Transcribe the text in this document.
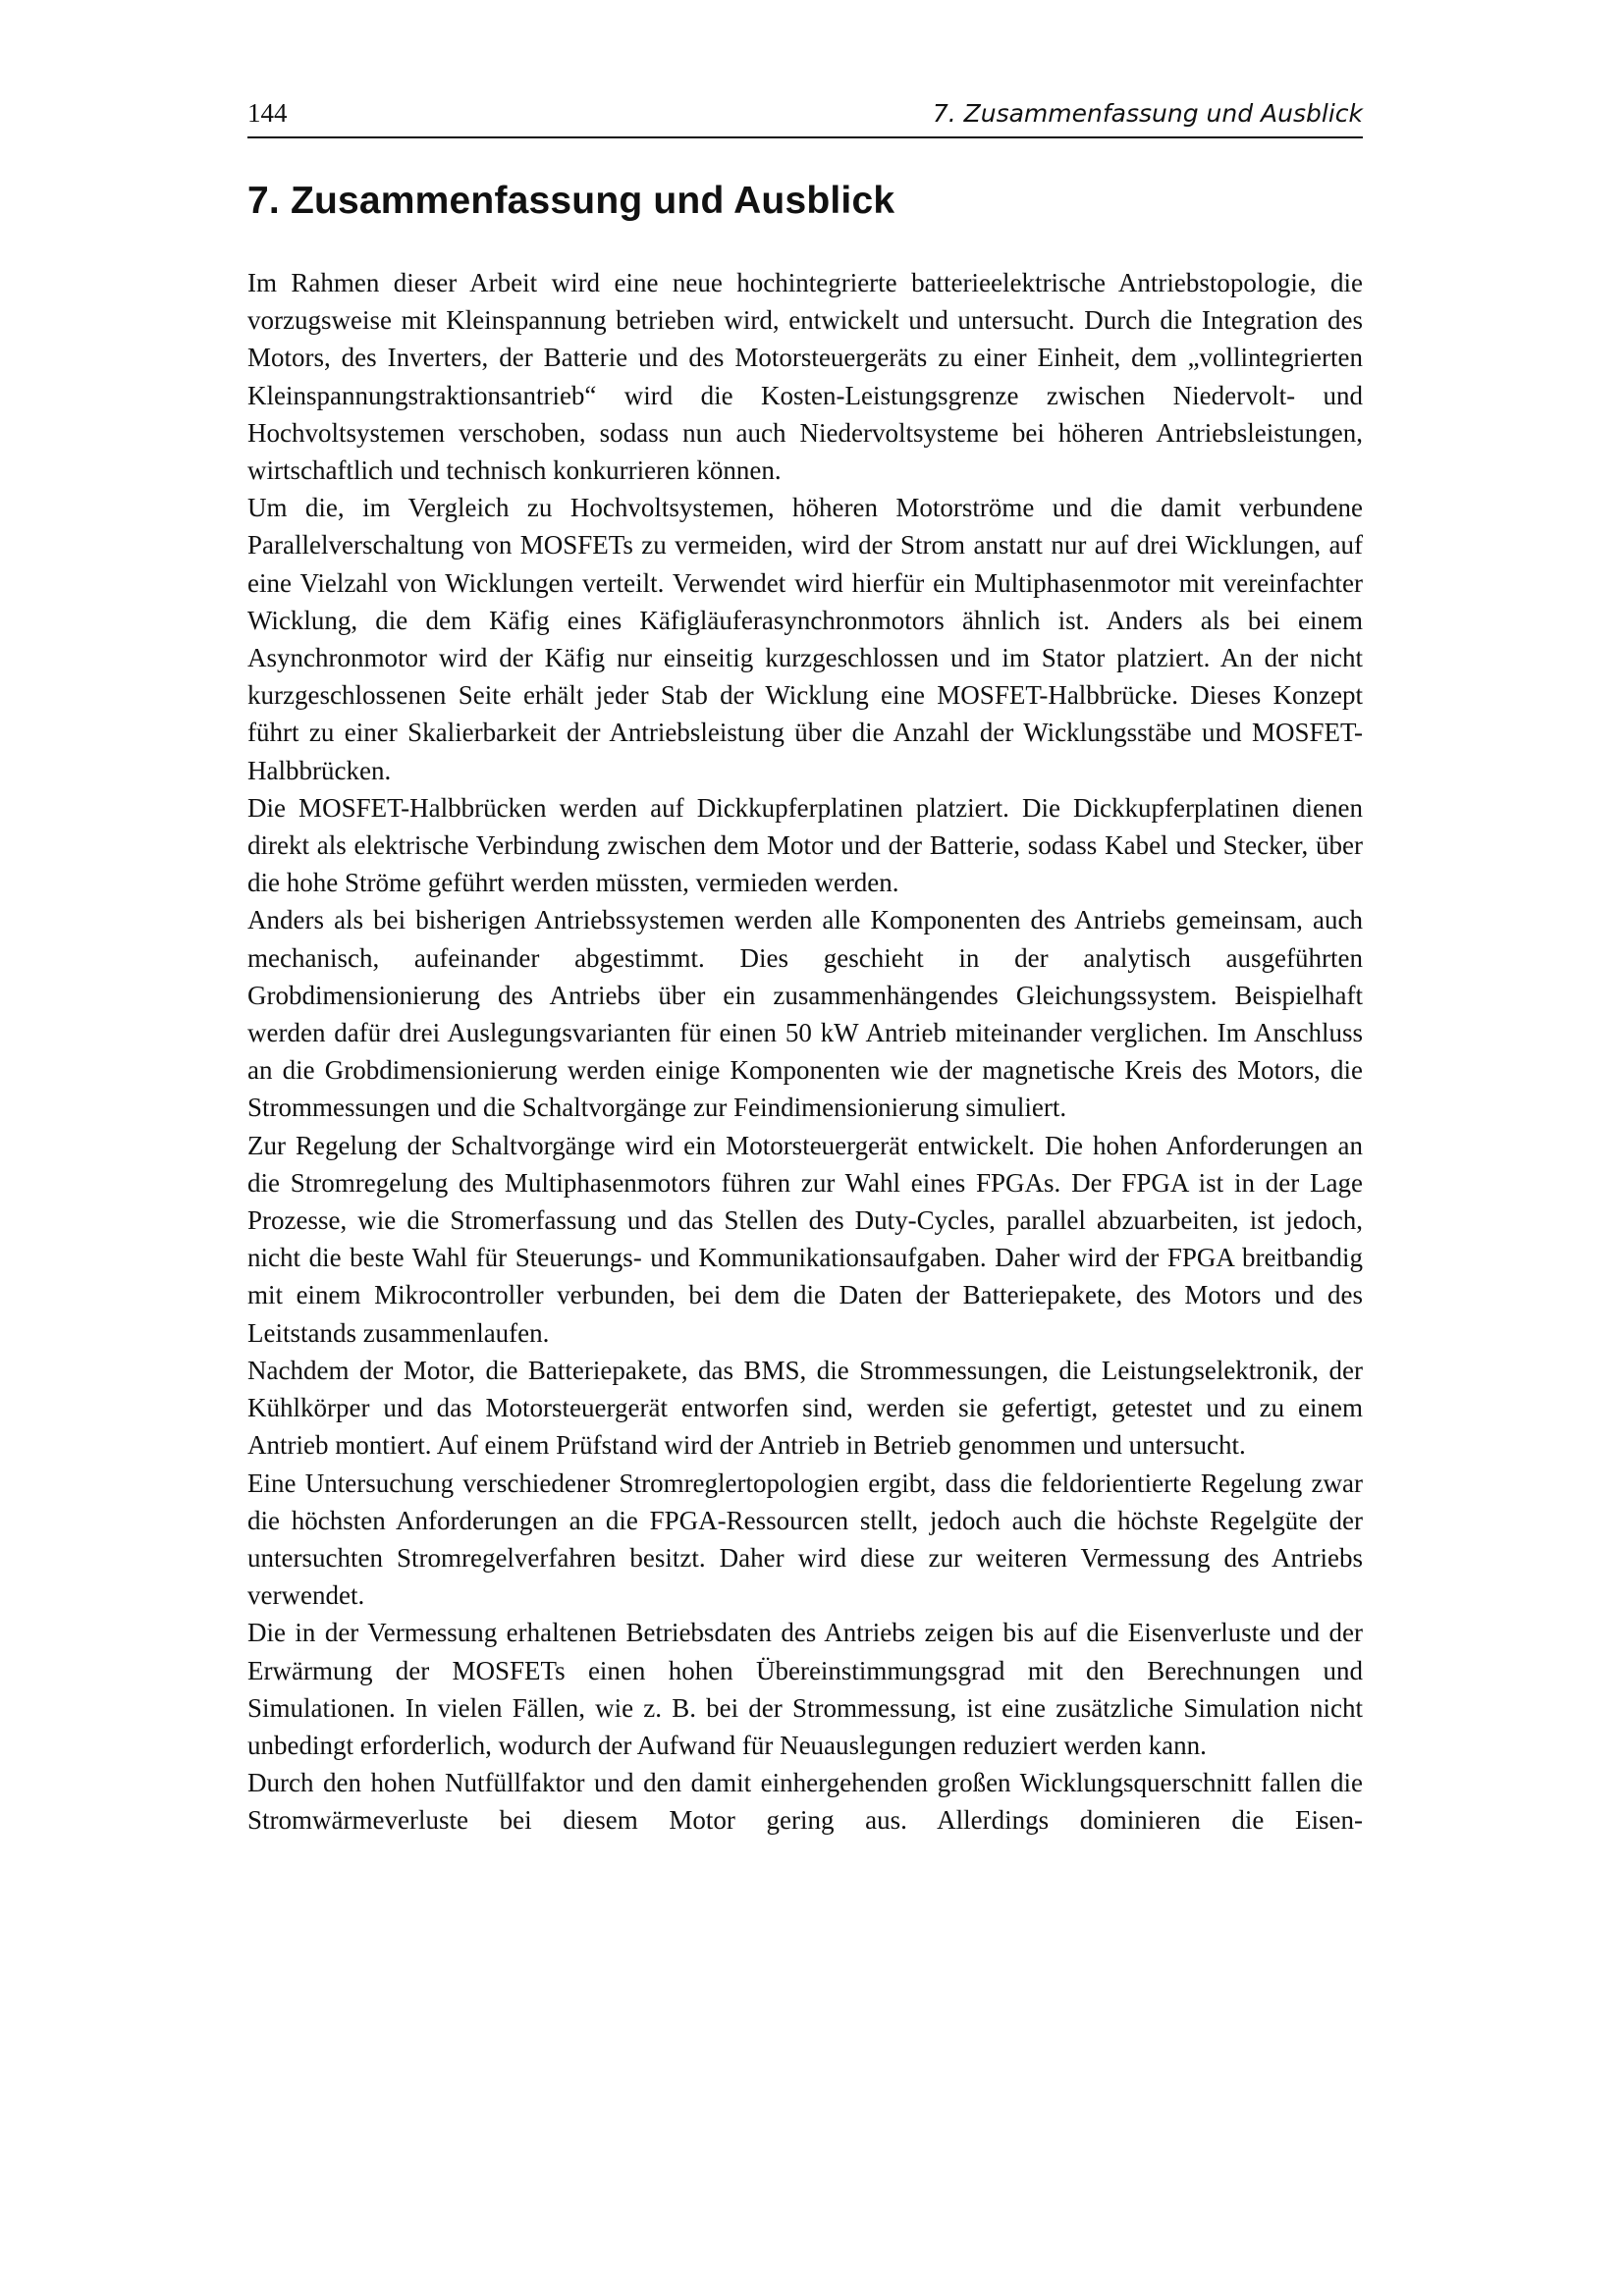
144	7. Zusammenfassung und Ausblick
7. Zusammenfassung und Ausblick

Im Rahmen dieser Arbeit wird eine neue hochintegrierte batterieelektrische Antriebstopologie, die vorzugsweise mit Kleinspannung betrieben wird, entwickelt und untersucht. Durch die Integration des Motors, des Inverters, der Batterie und des Motorsteuergeräts zu einer Einheit, dem „vollintegrierten Kleinspannungstraktionsantrieb“ wird die Kosten-Leistungsgrenze zwischen Niedervolt- und Hochvoltsystemen verschoben, sodass nun auch Niedervoltsysteme bei höheren Antriebsleistungen, wirtschaftlich und technisch konkurrieren können.

Um die, im Vergleich zu Hochvoltsystemen, höheren Motorströme und die damit verbundene Parallelverschaltung von MOSFETs zu vermeiden, wird der Strom anstatt nur auf drei Wicklungen, auf eine Vielzahl von Wicklungen verteilt. Verwendet wird hierfür ein Multiphasenmotor mit vereinfachter Wicklung, die dem Käfig eines Käfigläuferasynchronmotors ähnlich ist. Anders als bei einem Asynchronmotor wird der Käfig nur einseitig kurzgeschlossen und im Stator platziert. An der nicht kurzgeschlossenen Seite erhält jeder Stab der Wicklung eine MOSFET-Halbbrücke. Dieses Konzept führt zu einer Skalierbarkeit der Antriebsleistung über die Anzahl der Wicklungsstäbe und MOSFET-Halbbrücken.

Die MOSFET-Halbbrücken werden auf Dickkupferplatinen platziert. Die Dickkupferplatinen dienen direkt als elektrische Verbindung zwischen dem Motor und der Batterie, sodass Kabel und Stecker, über die hohe Ströme geführt werden müssten, vermieden werden.

Anders als bei bisherigen Antriebssystemen werden alle Komponenten des Antriebs gemeinsam, auch mechanisch, aufeinander abgestimmt. Dies geschieht in der analytisch ausgeführten Grobdimensionierung des Antriebs über ein zusammenhängendes Gleichungssystem. Beispielhaft werden dafür drei Auslegungsvarianten für einen 50 kW Antrieb miteinander verglichen. Im Anschluss an die Grobdimensionierung werden einige Komponenten wie der magnetische Kreis des Motors, die Strommessungen und die Schaltvorgänge zur Feindimensionierung simuliert.

Zur Regelung der Schaltvorgänge wird ein Motorsteuergerät entwickelt. Die hohen Anforderungen an die Stromregelung des Multiphasenmotors führen zur Wahl eines FPGAs. Der FPGA ist in der Lage Prozesse, wie die Stromerfassung und das Stellen des Duty-Cycles, parallel abzuarbeiten, ist jedoch, nicht die beste Wahl für Steuerungs- und Kommunikationsaufgaben. Daher wird der FPGA breitbandig mit einem Mikrocontroller verbunden, bei dem die Daten der Batteriepakete, des Motors und des Leitstands zusammenlaufen.

Nachdem der Motor, die Batteriepakete, das BMS, die Strommessungen, die Leistungselektronik, der Kühlkörper und das Motorsteuergerät entworfen sind, werden sie gefertigt, getestet und zu einem Antrieb montiert. Auf einem Prüfstand wird der Antrieb in Betrieb genommen und untersucht.

Eine Untersuchung verschiedener Stromreglertopologien ergibt, dass die feldorientierte Regelung zwar die höchsten Anforderungen an die FPGA-Ressourcen stellt, jedoch auch die höchste Regelgüte der untersuchten Stromregelverfahren besitzt. Daher wird diese zur weiteren Vermessung des Antriebs verwendet.

Die in der Vermessung erhaltenen Betriebsdaten des Antriebs zeigen bis auf die Eisenverluste und der Erwärmung der MOSFETs einen hohen Übereinstimmungsgrad mit den Berechnungen und Simulationen. In vielen Fällen, wie z. B. bei der Strommessung, ist eine zusätzliche Simulation nicht unbedingt erforderlich, wodurch der Aufwand für Neuauslegungen reduziert werden kann.

Durch den hohen Nutfüllfaktor und den damit einhergehenden großen Wicklungsquerschnitt fallen die Stromwärmeverluste bei diesem Motor gering aus. Allerdings dominieren die Eisen-
